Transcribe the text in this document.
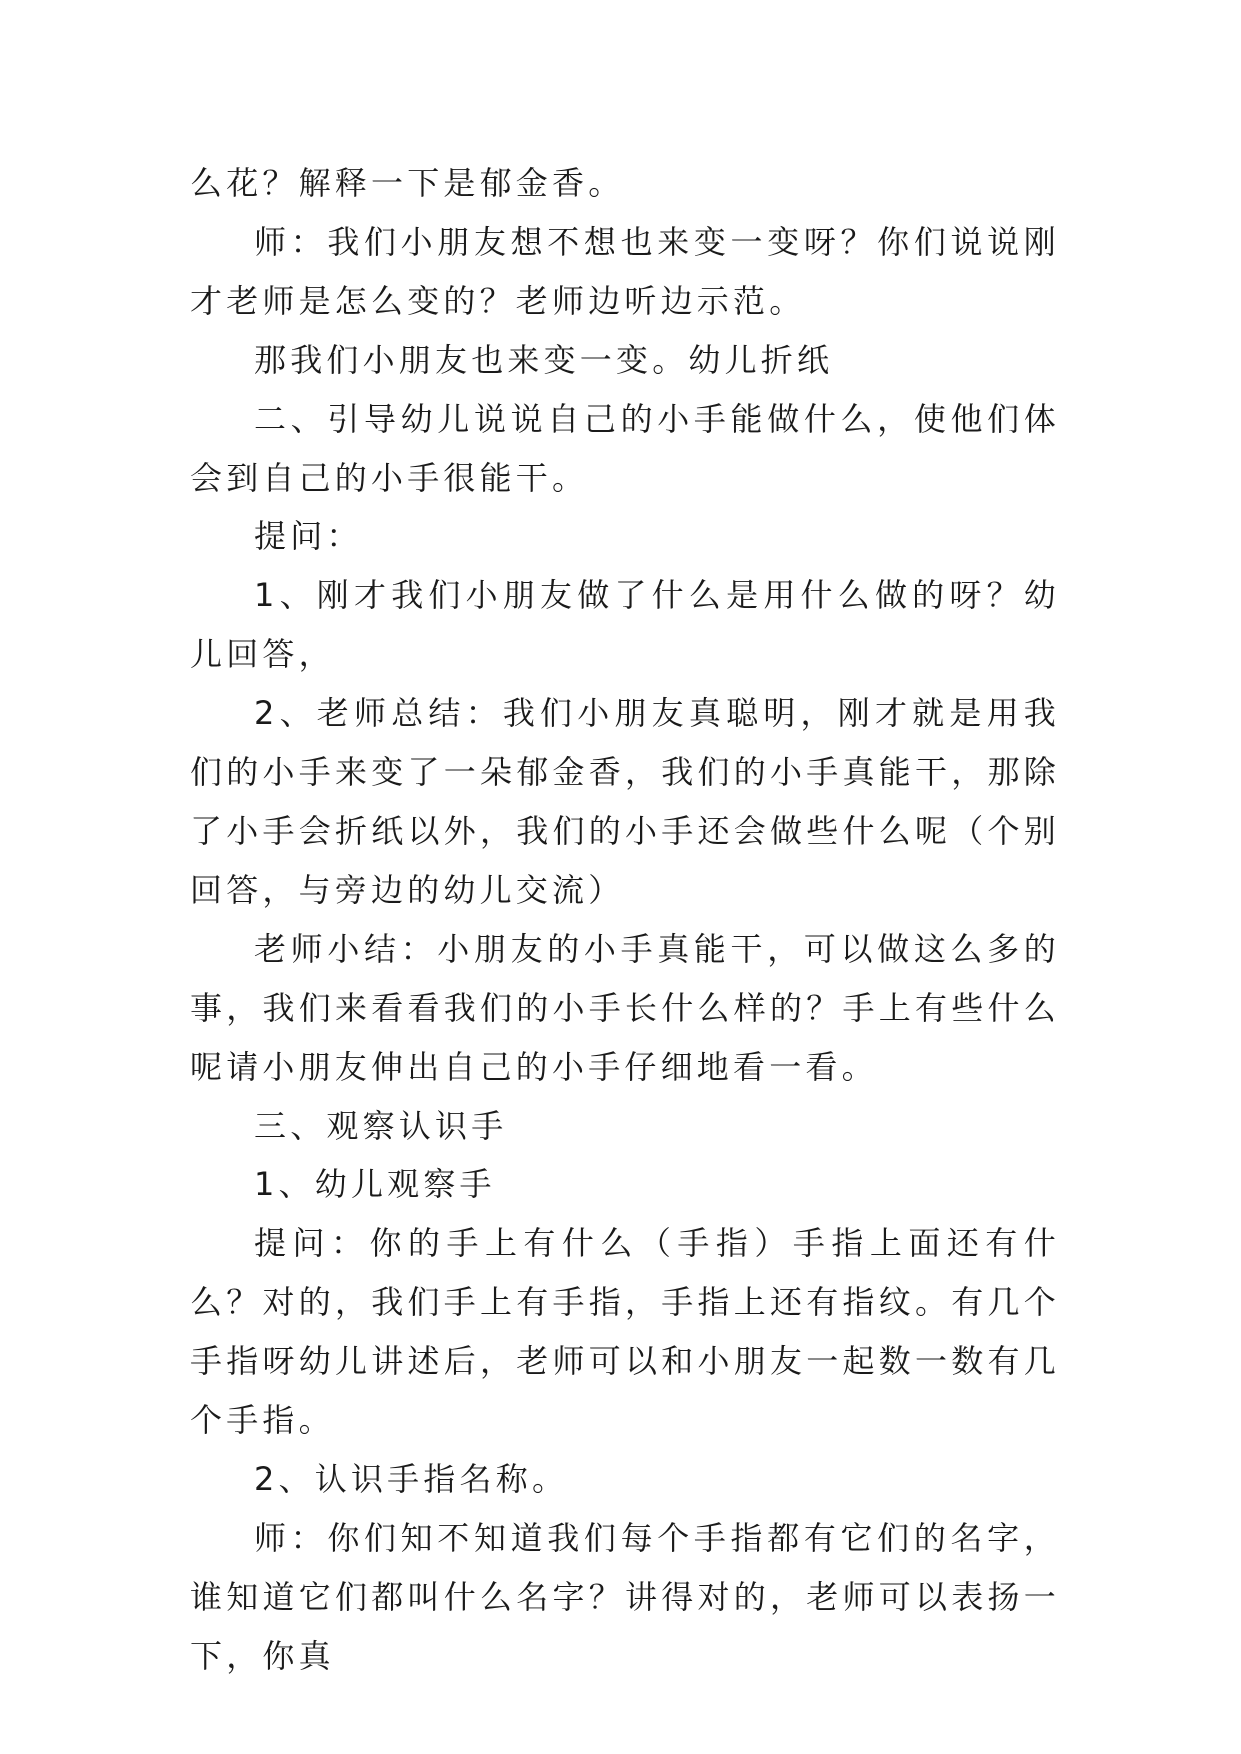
么花？解释一下是郁金香。

师：我们小朋友想不想也来变一变呀？你们说说刚才老师是怎么变的？老师边听边示范。

那我们小朋友也来变一变。幼儿折纸

二、引导幼儿说说自己的小手能做什么，使他们体会到自己的小手很能干。

提问：

1、刚才我们小朋友做了什么是用什么做的呀？幼儿回答，

2、老师总结：我们小朋友真聪明，刚才就是用我们的小手来变了一朵郁金香，我们的小手真能干，那除了小手会折纸以外，我们的小手还会做些什么呢（个别回答，与旁边的幼儿交流）

老师小结：小朋友的小手真能干，可以做这么多的事，我们来看看我们的小手长什么样的？手上有些什么呢请小朋友伸出自己的小手仔细地看一看。

三、观察认识手

1、幼儿观察手

提问：你的手上有什么（手指）手指上面还有什么？对的，我们手上有手指，手指上还有指纹。有几个手指呀幼儿讲述后，老师可以和小朋友一起数一数有几个手指。

2、认识手指名称。

师：你们知不知道我们每个手指都有它们的名字，谁知道它们都叫什么名字？讲得对的，老师可以表扬一下，你真
